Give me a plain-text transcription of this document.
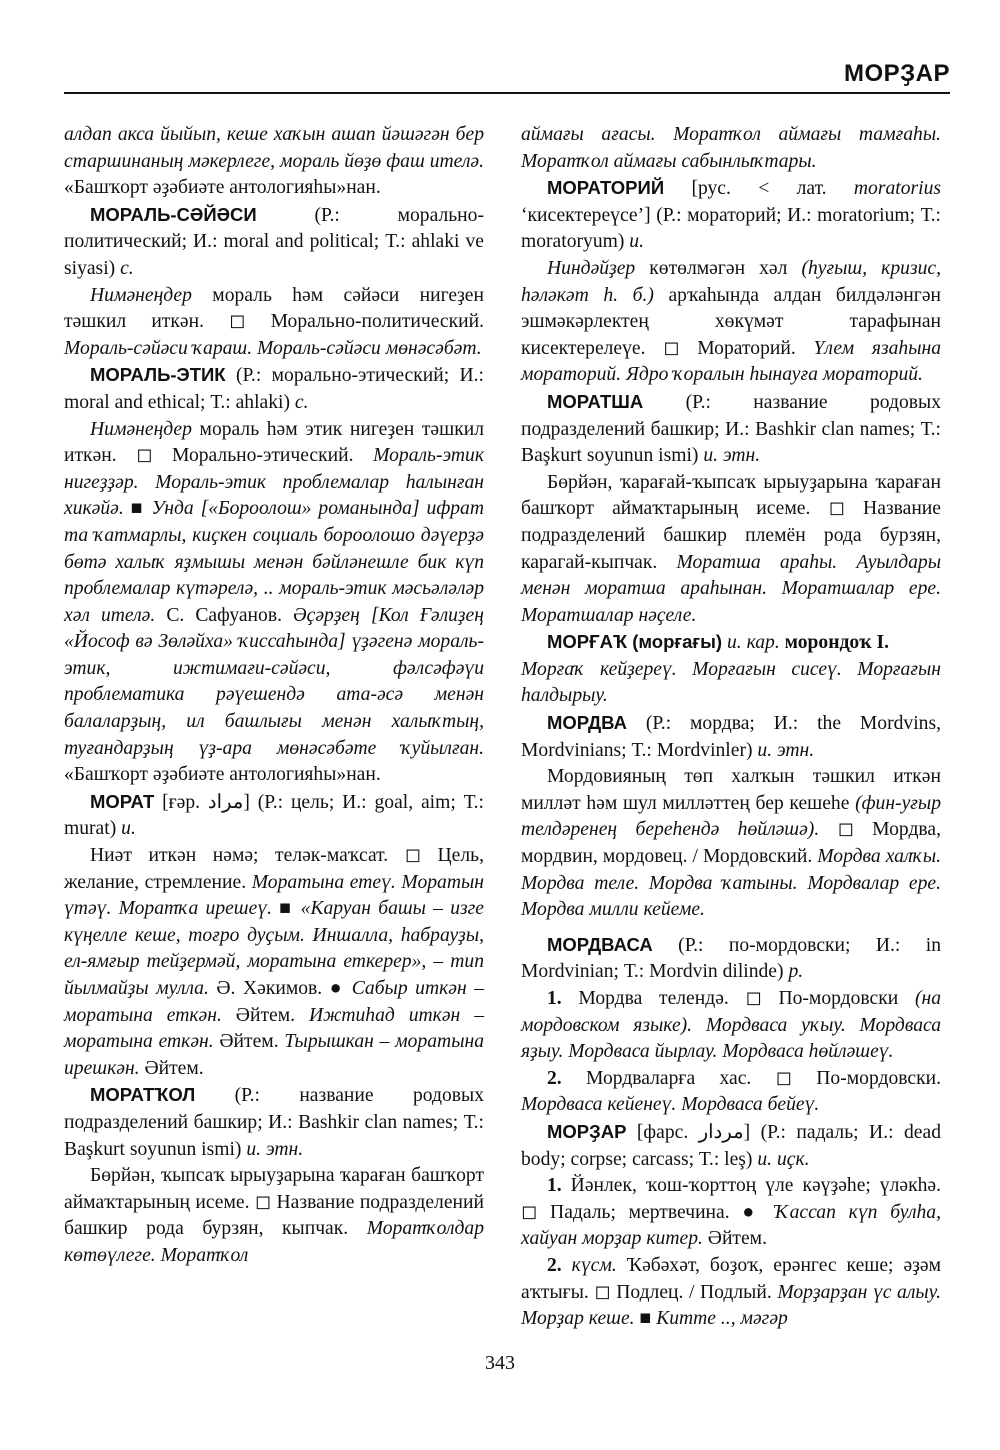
МОРҘАР

алдап акса йыйып, кеше хаҡын ашап йәшәгән бер старшинаның мәкерлеге, мораль йөҙө фаш ителә. «Башҡорт әҙәбиәте антологияһы»нан.

МОРАЛЬ-СӘЙӘСИ (Р.: морально-политический; И.: moral and political; Т.: ahlaki ve siyasi) с.

Нимәнеңдер мораль һәм сәйәси нигеҙен тәшкил иткән. ◻ Морально-политический. Мораль-сәйәси ҡараш. Мораль-сәйәси мөнәсәбәт.

МОРАЛЬ-ЭТИК (Р.: морально-этический; И.: moral and ethical; Т.: ahlaki) с.

Нимәнеңдер мораль һәм этик нигеҙен тәшкил иткән. ◻ Морально-этический. Мораль-этик нигеҙҙәр. Мораль-этик проблемалар һалынған хикәйә. ■ Унда [«Бороолош» романында] ифрат та ҡатмарлы, киҫкен социаль бороолошо дәүерҙә бөтә халыҡ яҙмышы менән бәйләнешле бик күп проблемалар күтәрелә, .. мораль-этик мәсьәләләр хәл ителә. С. Сафуанов. Әҫәрҙең [Кол Ғәлиҙең «Йософ вә Зөләйха» ҡиссаһында] үҙәгенә мораль-этик, ижтимағи-сәйәси, фәлсәфәүи проблематика рәүешендә ата-әсә менән балаларҙың, ил башлығы менән халыҡтың, туғандарҙың үҙ-ара мөнәсәбәте ҡуйылған. «Башҡорт әҙәбиәте антологияһы»нан.

МОРАТ [ғәр. مراد] (Р.: цель; И.: goal, aim; Т.: murat) и.

Ниәт иткән нәмә; теләк-маҡсат. ◻ Цель, желание, стремление. Моратына етеү. Моратын үтәү. Моратҡа ирешеү. ■ «Каруан башы – изге күңелле кеше, тоғро дуҫым. Иншалла, һабрауҙы, ел-ямғыр тейҙермәй, моратына еткерер», – тип йылмайҙы мулла. Ә. Хәкимов. ● Сабыр иткән – моратына еткән. Әйтем. Ижтиһад иткән – моратына еткән. Әйтем. Тырышкан – моратына ирешкән. Әйтем.

МОРАТҠОЛ (Р.: название родовых подразделений башкир; И.: Bashkir clan names; Т.: Başkurt soyunun ismi) и. этн.

Бөрйән, ҡыпсаҡ ырыуҙарына ҡараған башҡорт аймаҡтарының исеме. ◻ Название подразделений башкир рода бурзян, кыпчак. Моратҡолдар көтөүлеге. Моратҡол

аймағы ағасы. Моратҡол аймағы тамғаһы. Моратҡол аймағы сабынлыҡтары.

МОРАТОРИЙ [рус. < лат. moratorius ‘кисектереүсе’] (Р.: мораторий; И.: moratorium; Т.: moratoryum) и.

Ниндәйҙер көтөлмәгән хәл (һуғыш, кризис, һәләкәт һ. б.) арҡаһында алдан билдәләнгән эшмәкәрлектең хөкүмәт тарафынан кисектерелеүе. ◻ Мораторий. Үлем язаһына мораторий. Ядро ҡоралын һынауға мораторий.

МОРАТША (Р.: название родовых подразделений башкир; И.: Bashkir clan names; Т.: Başkurt soyunun ismi) и. этн.

Бөрйән, ҡарағай-ҡыпсаҡ ырыуҙарына ҡараған башҡорт аймаҡтарының исеме. ◻ Название подразделений башкир племён рода бурзян, карагай-кыпчак. Моратша араһы. Ауылдары менән моратша араһынан. Моратшалар ере. Моратшалар нәҫеле.

МОРҒАҠ (морғағы) и. кар. моронд̨оҡ I.

Морғаҡ кейҙереү. Морғағын сисеү. Морғағын һалдырыу.

МОРДВА (Р.: мордва; И.: the Mordvins, Mordvinians; Т.: Mordvinler) и. этн.

Мордовияның төп халҡын тәшкил иткән милләт һәм шул милләттең бер кешеһе (фин-уғыр телдәренең береһендә һөйләшә). ◻ Мордва, мордвин, мордовец. / Мордовский. Мордва халҡы. Мордва теле. Мордва ҡатыны. Мордвалар ере. Мордва милли кейеме.

МОРДВАСА (Р.: по-мордовски; И.: in Mordvinian; Т.: Mordvin dilinde) р.

1. Мордва телендә. ◻ По-мордовски (на мордовском языке). Мордваса уҡыу. Мордваса яҙыу. Мордваса йырлау. Мордваса һөйләшеү.

2. Мордваларға хас. ◻ По-мордовски. Мордваса кейенеү. Мордваса бейеү.

МОРҘАР [фарс. مردار] (Р.: падаль; И.: dead body; corpse; carcass; Т.: leş) и. иҫк.

1. Йәнлек, ҡош-ҡорттоң үле кәүҙәһе; үләкһә. ◻ Падаль; мертвечина. ● Ҡассап күп булһа, хайуан морҙар китер. Әйтем.

2. күсм. Ҡәбәхәт, боҙоҡ, ерәнгес кеше; әҙәм аҡтығы. ◻ Подлец. / Подлый. Морҙарҙан үс алыу. Морҙар кеше. ■ Китте .., мәгәр

343
